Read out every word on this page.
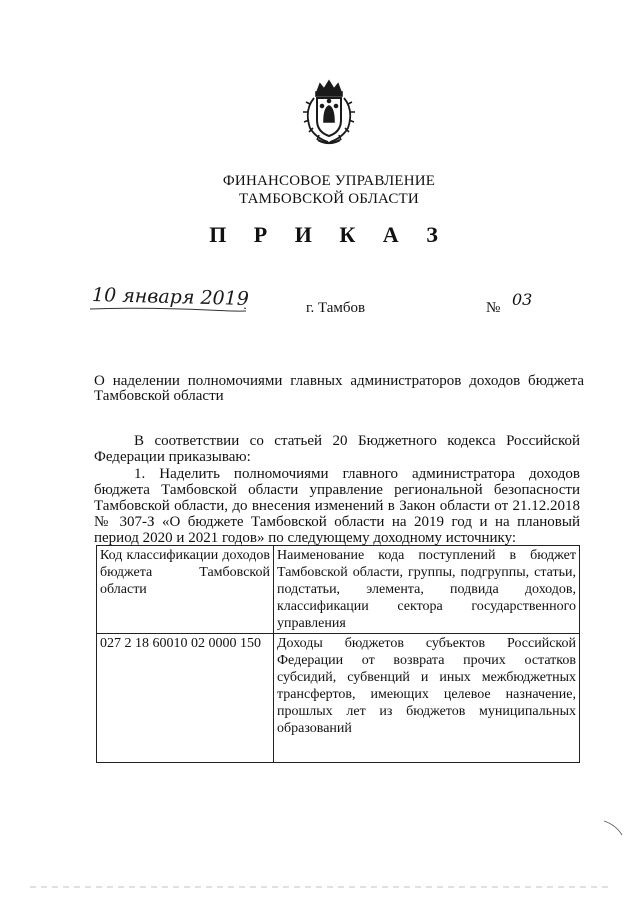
ФИНАНСОВОЕ УПРАВЛЕНИЕ
ТАМБОВСКОЙ ОБЛАСТИ
П Р И К А З
10 января 2019	г. Тамбов	№ 03
О наделении полномочиями главных администраторов доходов бюджета Тамбовской области
В соответствии со статьей 20 Бюджетного кодекса Российской Федерации приказываю:
1. Наделить полномочиями главного администратора доходов бюджета Тамбовской области управление региональной безопасности Тамбовской области, до внесения изменений в Закон области от 21.12.2018 № 307-З «О бюджете Тамбовской области на 2019 год и на плановый период 2020 и 2021 годов» по следующему доходному источнику:
Код классификации доходов бюджета Тамбовской области	Наименование кода поступлений в бюджет Тамбовской области, группы, подгруппы, статьи, подстатьи, элемента, подвида доходов, классификации сектора государственного управления
027 2 18 60010 02 0000 150	Доходы бюджетов субъектов Российской Федерации от возврата прочих остатков субсидий, субвенций и иных межбюджетных трансфертов, имеющих целевое назначение, прошлых лет из бюджетов муниципальных образований
